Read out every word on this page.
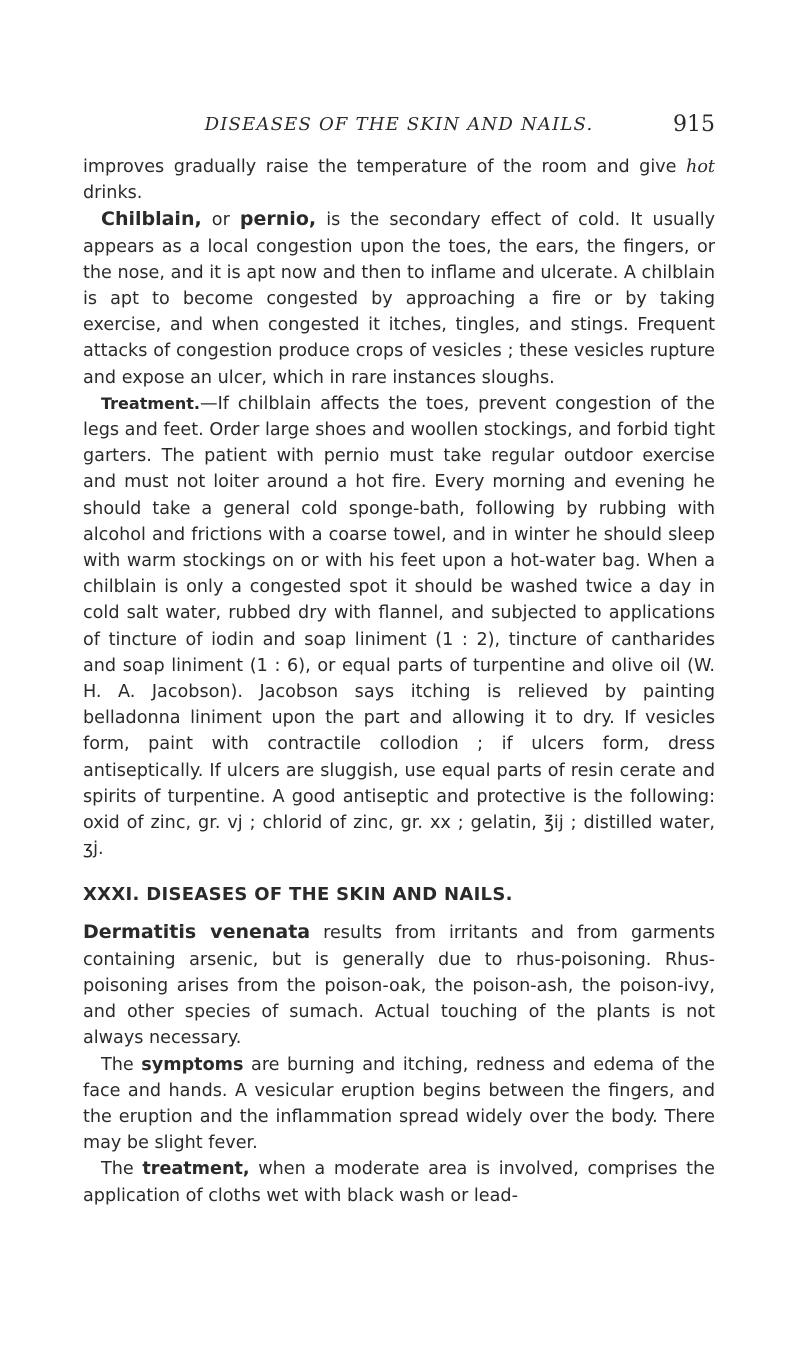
DISEASES OF THE SKIN AND NAILS.	915

improves gradually raise the temperature of the room and give hot drinks.

Chilblain, or pernio, is the secondary effect of cold. It usually appears as a local congestion upon the toes, the ears, the fingers, or the nose, and it is apt now and then to inflame and ulcerate. A chilblain is apt to become congested by approaching a fire or by taking exercise, and when congested it itches, tingles, and stings. Frequent attacks of congestion produce crops of vesicles ; these vesicles rupture and expose an ulcer, which in rare instances sloughs.

Treatment.—If chilblain affects the toes, prevent congestion of the legs and feet. Order large shoes and woollen stockings, and forbid tight garters. The patient with pernio must take regular outdoor exercise and must not loiter around a hot fire. Every morning and evening he should take a general cold sponge-bath, following by rubbing with alcohol and frictions with a coarse towel, and in winter he should sleep with warm stockings on or with his feet upon a hot-water bag. When a chilblain is only a congested spot it should be washed twice a day in cold salt water, rubbed dry with flannel, and subjected to applications of tincture of iodin and soap liniment (1 : 2), tincture of cantharides and soap liniment (1 : 6), or equal parts of turpentine and olive oil (W. H. A. Jacobson). Jacobson says itching is relieved by painting belladonna liniment upon the part and allowing it to dry. If vesicles form, paint with contractile collodion ; if ulcers form, dress antiseptically. If ulcers are sluggish, use equal parts of resin cerate and spirits of turpentine. A good antiseptic and protective is the following: oxid of zinc, gr. vj ; chlorid of zinc, gr. xx ; gelatin, ℥ij ; distilled water, ʒj.

XXXI. DISEASES OF THE SKIN AND NAILS.

Dermatitis venenata results from irritants and from garments containing arsenic, but is generally due to rhus-poisoning. Rhus-poisoning arises from the poison-oak, the poison-ash, the poison-ivy, and other species of sumach. Actual touching of the plants is not always necessary.

The symptoms are burning and itching, redness and edema of the face and hands. A vesicular eruption begins between the fingers, and the eruption and the inflammation spread widely over the body. There may be slight fever.

The treatment, when a moderate area is involved, comprises the application of cloths wet with black wash or lead-
